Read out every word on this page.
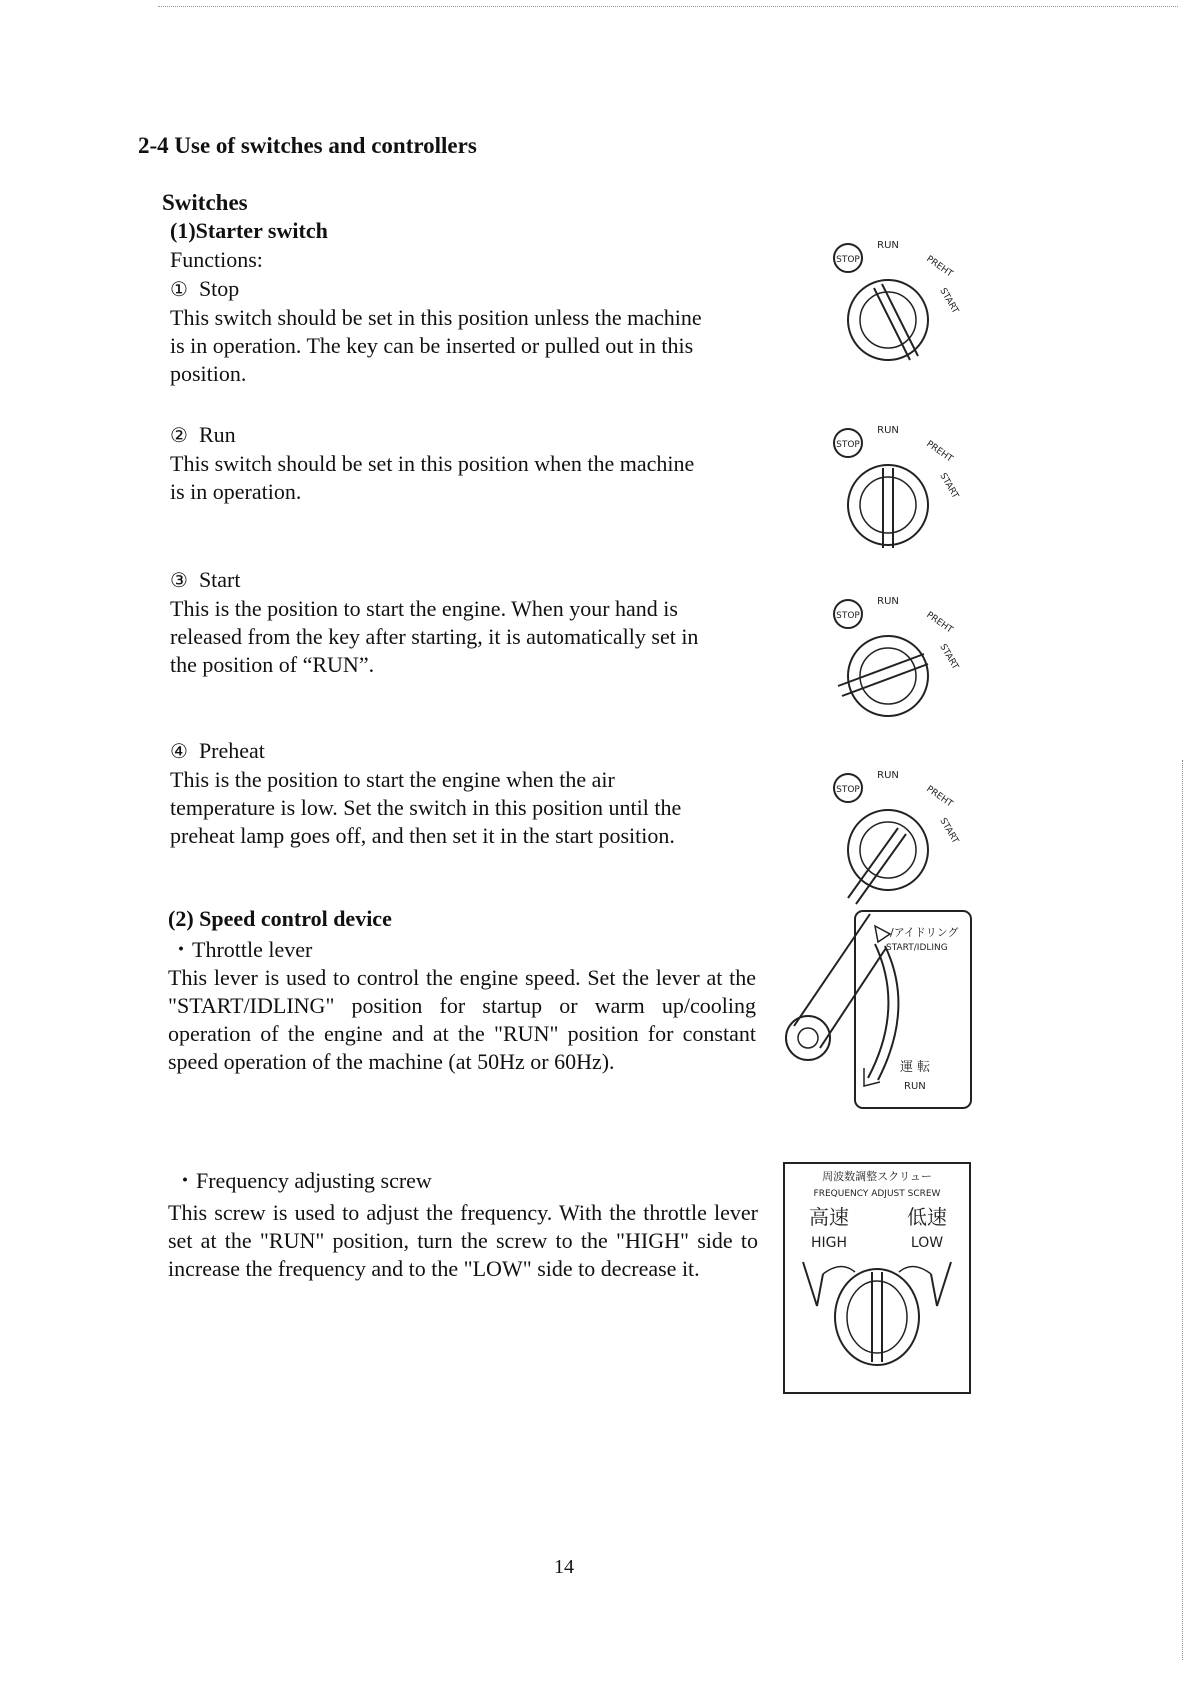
2-4 Use of switches and controllers
Switches
(1)Starter switch
Functions:
① Stop
This switch should be set in this position unless the machine
is in operation. The key can be inserted or pulled out in this
position.
② Run
This switch should be set in this position when the machine
is in operation.
③ Start
This is the position to start the engine. When your hand is
released from the key after starting, it is automatically set in
the position of “RUN”.
④ Preheat
This is the position to start the engine when the air
temperature is low. Set the switch in this position until the
preheat lamp goes off, and then set it in the start position.
(2) Speed control device
・Throttle lever
This lever is used to control the engine speed. Set the lever at the "START/IDLING" position for startup or warm up/cooling operation of the engine and at the "RUN" position for constant speed operation of the machine (at 50Hz or 60Hz).
・Frequency adjusting screw
This screw is used to adjust the frequency. With the throttle lever set at the "RUN" position, turn the screw to the "HIGH" side to increase the frequency and to the "LOW" side to decrease it.
14
STOP
RUN
PREHT
START
STOP
RUN
PREHT
START
STOP
RUN
PREHT
START
STOP
RUN
PREHT
START
/アイドリング
START/IDLING
運 転
RUN
周波数調整スクリュー
FREQUENCY ADJUST SCREW
高速	低速
HIGH	LOW
